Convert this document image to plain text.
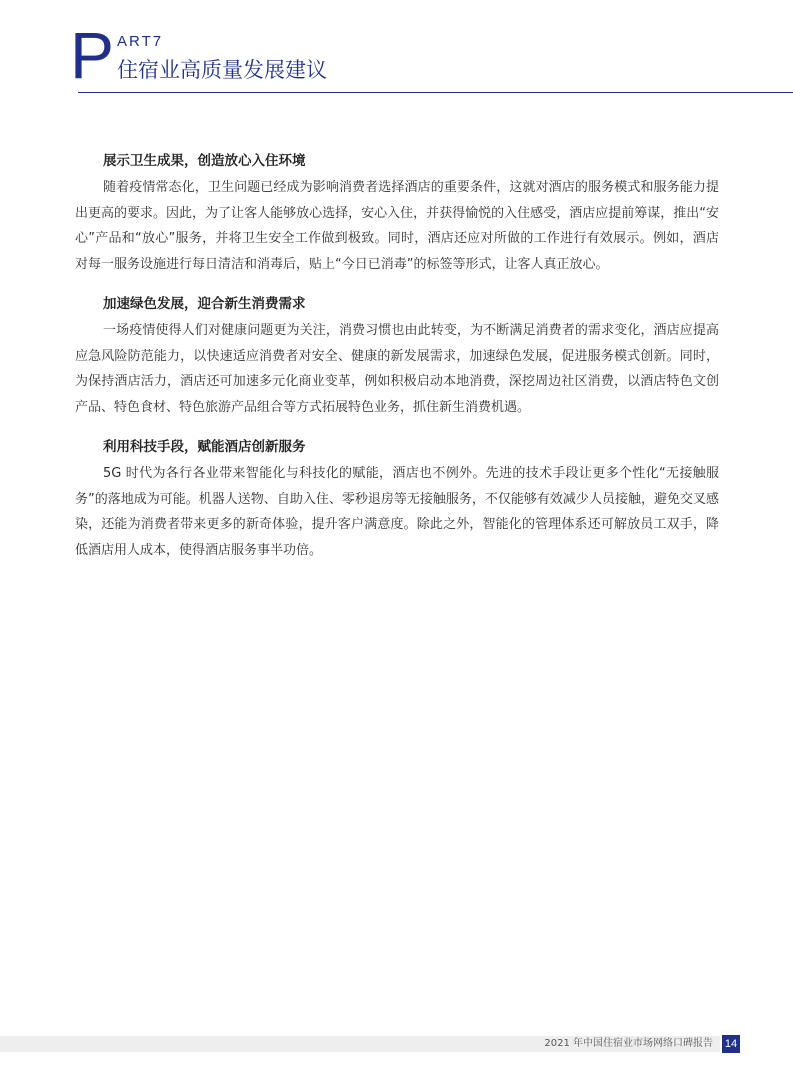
P ART7
住宿业高质量发展建议

展示卫生成果，创造放心入住环境

随着疫情常态化，卫生问题已经成为影响消费者选择酒店的重要条件，这就对酒店的服务模式和服务能力提出更高的要求。因此，为了让客人能够放心选择，安心入住，并获得愉悦的入住感受，酒店应提前筹谋，推出“安心”产品和“放心”服务，并将卫生安全工作做到极致。同时，酒店还应对所做的工作进行有效展示。例如，酒店对每一服务设施进行每日清洁和消毒后，贴上“今日已消毒”的标签等形式，让客人真正放心。

加速绿色发展，迎合新生消费需求

一场疫情使得人们对健康问题更为关注，消费习惯也由此转变，为不断满足消费者的需求变化，酒店应提高应急风险防范能力，以快速适应消费者对安全、健康的新发展需求，加速绿色发展，促进服务模式创新。同时，为保持酒店活力，酒店还可加速多元化商业变革，例如积极启动本地消费，深挖周边社区消费，以酒店特色文创产品、特色食材、特色旅游产品组合等方式拓展特色业务，抓住新生消费机遇。

利用科技手段，赋能酒店创新服务

5G 时代为各行各业带来智能化与科技化的赋能，酒店也不例外。先进的技术手段让更多个性化“无接触服务”的落地成为可能。机器人送物、自助入住、零秒退房等无接触服务，不仅能够有效减少人员接触，避免交叉感染，还能为消费者带来更多的新奇体验，提升客户满意度。除此之外，智能化的管理体系还可解放员工双手，降低酒店用人成本，使得酒店服务事半功倍。

2021 年中国住宿业市场网络口碑报告 14
